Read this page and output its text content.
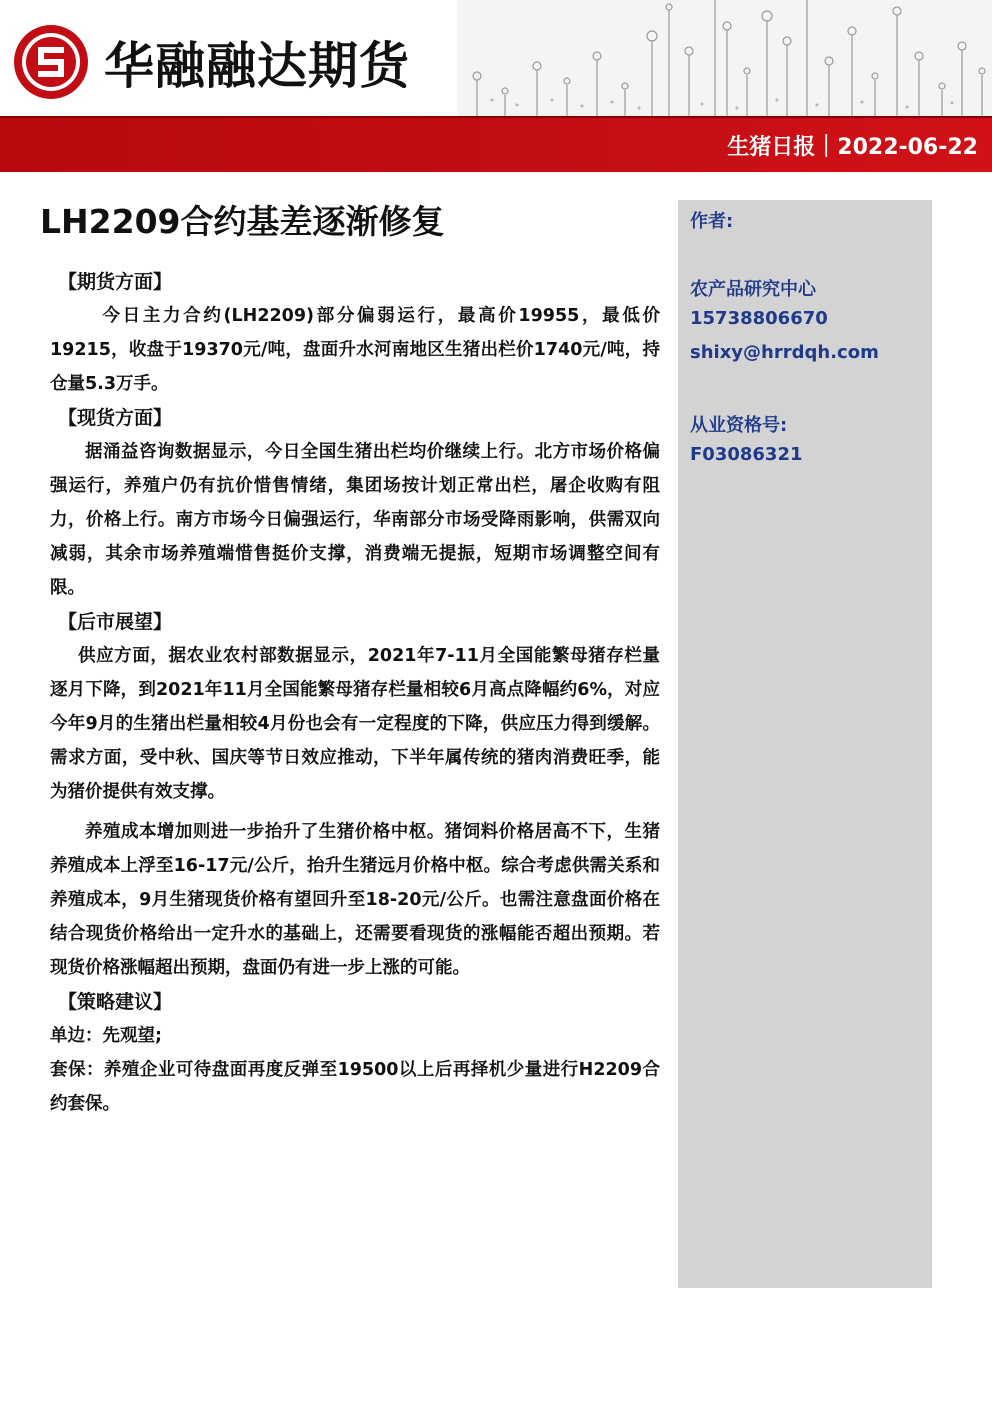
华融融达期货
生猪日报｜2022-06-22
LH2209合约基差逐渐修复	作者:
农产品研究中心
15738806670
shixy@hrrdqh.com
从业资格号:
F03086321
【期货方面】

今日主力合约(LH2209)部分偏弱运行，最高价19955，最低价19215，收盘于19370元/吨，盘面升水河南地区生猪出栏价1740元/吨，持仓量5.3万手。

【现货方面】

据涌益咨询数据显示，今日全国生猪出栏均价继续上行。北方市场价格偏强运行，养殖户仍有抗价惜售情绪，集团场按计划正常出栏，屠企收购有阻力，价格上行。南方市场今日偏强运行，华南部分市场受降雨影响，供需双向减弱，其余市场养殖端惜售挺价支撑，消费端无提振，短期市场调整空间有限。

【后市展望】

供应方面，据农业农村部数据显示，2021年7-11月全国能繁母猪存栏量逐月下降，到2021年11月全国能繁母猪存栏量相较6月高点降幅约6%，对应今年9月的生猪出栏量相较4月份也会有一定程度的下降，供应压力得到缓解。需求方面，受中秋、国庆等节日效应推动，下半年属传统的猪肉消费旺季，能为猪价提供有效支撑。

养殖成本增加则进一步抬升了生猪价格中枢。猪饲料价格居高不下，生猪养殖成本上浮至16-17元/公斤，抬升生猪远月价格中枢。综合考虑供需关系和养殖成本，9月生猪现货价格有望回升至18-20元/公斤。也需注意盘面价格在结合现货价格给出一定升水的基础上，还需要看现货的涨幅能否超出预期。若现货价格涨幅超出预期，盘面仍有进一步上涨的可能。

【策略建议】

单边：先观望;

套保：养殖企业可待盘面再度反弹至19500以上后再择机少量进行H2209合约套保。
